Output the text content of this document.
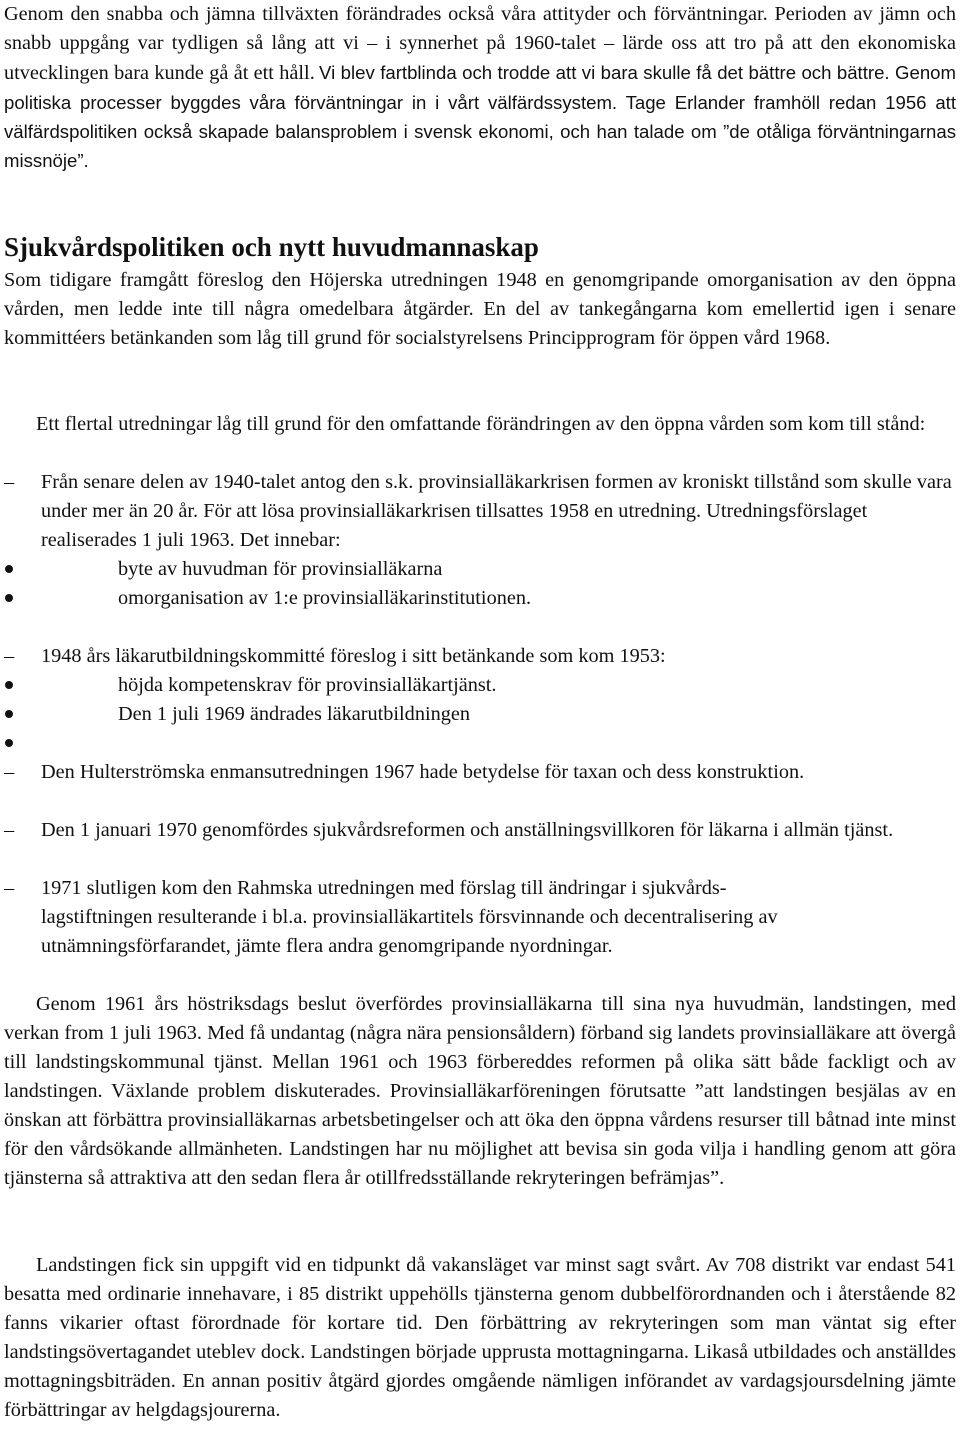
Genom den snabba och jämna tillväxten förändrades också våra attityder och förväntningar. Perioden av jämn och snabb uppgång var tydligen så lång att vi – i synnerhet på 1960-talet – lärde oss att tro på att den ekonomiska utvecklingen bara kunde gå åt ett håll. Vi blev fartblinda och trodde att vi bara skulle få det bättre och bättre. Genom politiska processer byggdes våra förväntningar in i vårt välfärdssystem. Tage Erlander framhöll redan 1956 att välfärdspolitiken också skapade balansproblem i svensk ekonomi, och han talade om ”de otåliga förväntningarnas missnöje”.

Sjukvårdspolitiken och nytt huvudmannaskap

Som tidigare framgått föreslog den Höjerska utredningen 1948 en genomgripande omorganisation av den öppna vården, men ledde inte till några omedelbara åtgärder. En del av tankegångarna kom emellertid igen i senare kommittéers betänkanden som låg till grund för socialstyrelsens Principprogram för öppen vård 1968.

Ett flertal utredningar låg till grund för den omfattande förändringen av den öppna vården som kom till stånd:

– Från senare delen av 1940-talet antog den s.k. provinsialläkarkrisen formen av kroniskt tillstånd som skulle vara under mer än 20 år. För att lösa provinsialläkarkrisen tillsattes 1958 en utredning. Utredningsförslaget realiserades 1 juli 1963. Det innebar:

byte av huvudman för provinsialläkarna

omorganisation av 1:e provinsialläkarinstitutionen.

– 1948 års läkarutbildningskommitté föreslog i sitt betänkande som kom 1953:

höjda kompetenskrav för provinsialläkartjänst.

Den 1 juli 1969 ändrades läkarutbildningen

– Den Hulterströmska enmansutredningen 1967 hade betydelse för taxan och dess konstruktion.

– Den 1 januari 1970 genomfördes sjukvårdsreformen och anställningsvillkoren för läkarna i allmän tjänst.

– 1971 slutligen kom den Rahmska utredningen med förslag till ändringar i sjukvårds-
lagstiftningen resulterande i bl.a. provinsialläkartitels försvinnande och decentralisering av utnämningsförfarandet, jämte flera andra genomgripande nyordningar.

Genom 1961 års höstriksdags beslut överfördes provinsialläkarna till sina nya huvudmän, landstingen, med verkan from 1 juli 1963. Med få undantag (några nära pensionsåldern) förband sig landets provinsialläkare att övergå till landstingskommunal tjänst. Mellan 1961 och 1963 förbereddes reformen på olika sätt både fackligt och av landstingen. Växlande problem diskuterades. Provinsialläkarföreningen förutsatte ”att landstingen besjälas av en önskan att förbättra provinsialläkarnas arbetsbetingelser och att öka den öppna vårdens resurser till båtnad inte minst för den vårdsökande allmänheten. Landstingen har nu möjlighet att bevisa sin goda vilja i handling genom att göra tjänsterna så attraktiva att den sedan flera år otillfredsställande rekryteringen befrämjas”.

Landstingen fick sin uppgift vid en tidpunkt då vakansläget var minst sagt svårt. Av 708 distrikt var endast 541 besatta med ordinarie innehavare, i 85 distrikt uppehölls tjänsterna genom dubbelförordnanden och i återstående 82 fanns vikarier oftast förordnade för kortare tid. Den förbättring av rekryteringen som man väntat sig efter landstingsövertagandet uteblev dock. Landstingen började upprusta mottagningarna. Likaså utbildades och anställdes mottagningsbiträden. En annan positiv åtgärd gjordes omgående nämligen införandet av vardagsjoursdelning jämte förbättringar av helgdagsjourerna.
